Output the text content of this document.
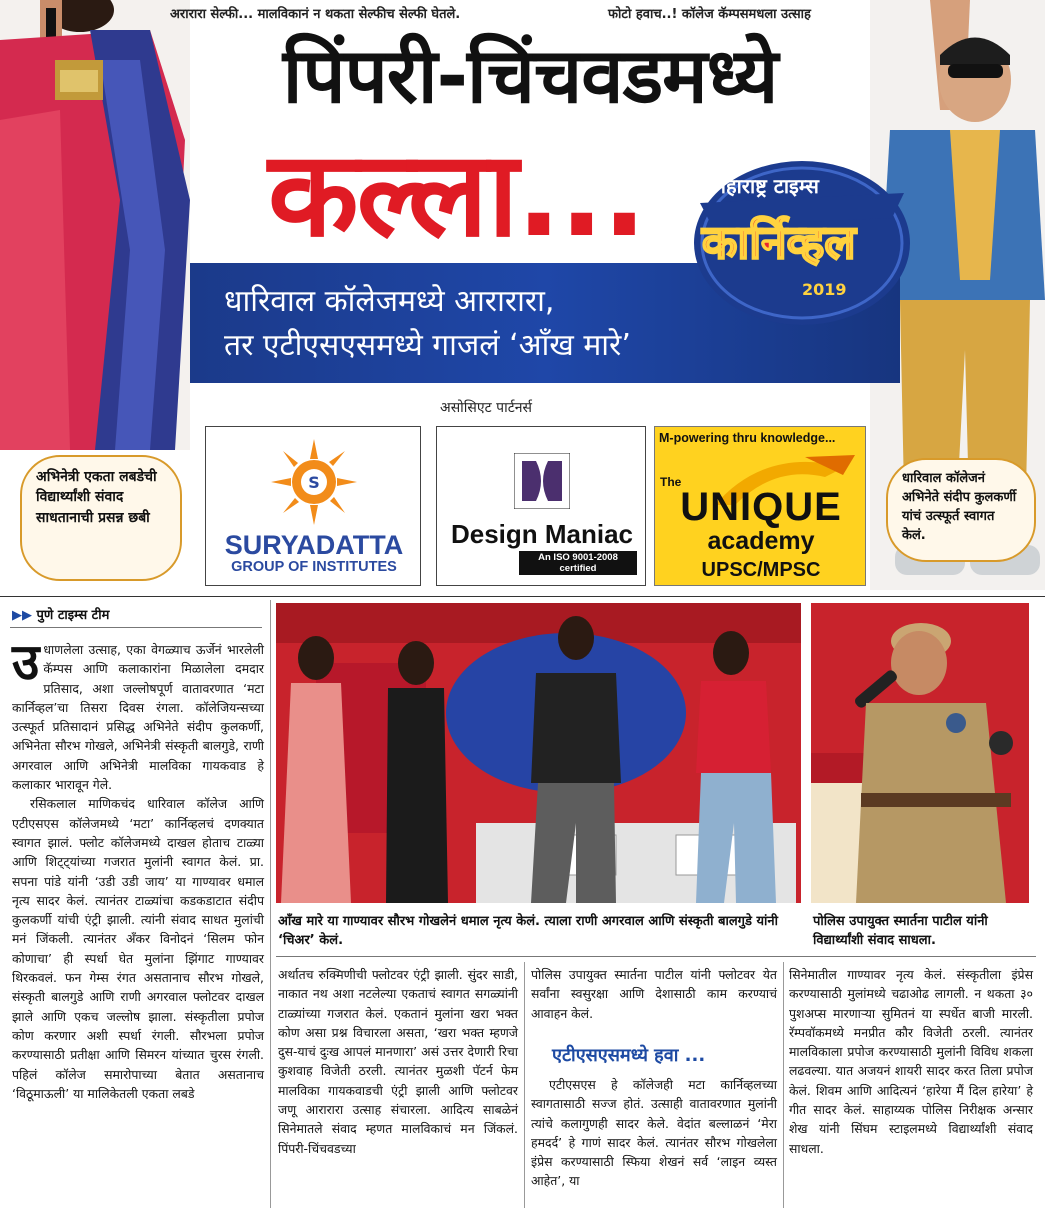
अरारारा सेल्फी... मालविकानं न थकता सेल्फीच सेल्फी घेतले.	फोटो हवाच..! कॉलेज कॅम्पसमधला उत्साह
पिंपरी-चिंचवडमध्ये
कल्ला...
धारिवाल कॉलेजमध्ये आरारारा,
तर एटीएसएसमध्ये गाजलं ‘आँख मारे’
महाराष्ट्र टाइम्स
कार्निव्हल
2019
असोसिएट पार्टनर्स
S
SURYADATTA
GROUP OF INSTITUTES
Design Maniac
An ISO 9001-2008 certified
M-powering thru knowledge...
The
UNIQUE
academy
UPSC/MPSC
अभिनेत्री एकता लबडेची विद्यार्थ्यांशी संवाद साधतानाची प्रसन्न छबी
धारिवाल कॉलेजनं अभिनेते संदीप कुलकर्णी यांचं उत्स्फूर्त स्वागत केलं.
▶▶ पुणे टाइम्स टीम

उधाणलेला उत्साह, एका वेगळ्याच ऊर्जेनं भारलेली कॅम्पस आणि कलाकारांना मिळालेला दमदार प्रतिसाद, अशा जल्लोषपूर्ण वातावरणात ‘मटा कार्निव्हल’चा तिसरा दिवस रंगला. कॉलेजियन्सच्या उत्स्फूर्त प्रतिसादानं प्रसिद्ध अभिनेते संदीप कुलकर्णी, अभिनेता सौरभ गोखले, अभिनेत्री संस्कृती बालगुडे, राणी अगरवाल आणि अभिनेत्री मालविका गायकवाड हे कलाकार भारावून गेले.

रसिकलाल माणिकचंद धारिवाल कॉलेज आणि एटीएसएस कॉलेजमध्ये ‘मटा’ कार्निव्हलचं दणक्यात स्वागत झालं. फ्लोट कॉलेजमध्ये दाखल होताच टाळ्या आणि शिट्ट्यांच्या गजरात मुलांनी स्वागत केलं. प्रा. सपना पांडे यांनी ‘उडी उडी जाय’ या गाण्यावर धमाल नृत्य सादर केलं. त्यानंतर टाळ्यांचा कडकडाटात संदीप कुलकर्णी यांची एंट्री झाली. त्यांनी संवाद साधत मुलांची मनं जिंकली. त्यानंतर अँकर विनोदनं ‘सिलम फोन कोणाचा’ ही स्पर्धा घेत मुलांना झिंगाट गाण्यावर थिरकवलं. फन गेम्स रंगत असतानाच सौरभ गोखले, संस्कृती बालगुडे आणि राणी अगरवाल फ्लोटवर दाखल झाले आणि एकच जल्लोष झाला. संस्कृतीला प्रपोज कोण करणार अशी स्पर्धा रंगली. सौरभला प्रपोज करण्यासाठी प्रतीक्षा आणि सिमरन यांच्यात चुरस रंगली. पहिलं कॉलेज समारोपाच्या बेतात असतानाच ‘विठूमाऊली’ या मालिकेतली एकता लबडे

आँख मारे या गाण्यावर सौरभ गोखलेनं धमाल नृत्य केलं. त्याला राणी अगरवाल आणि संस्कृती बालगुडे यांनी ‘चिअर’ केलं.
पोलिस उपायुक्त स्मार्तना पाटील यांनी विद्यार्थ्यांशी संवाद साधला.

अर्थातच रुक्मिणीची फ्लोटवर एंट्री झाली. सुंदर साडी, नाकात नथ अशा नटलेल्या एकताचं स्वागत सगळ्यांनी टाळ्यांच्या गजरात केलं. एकतानं मुलांना खरा भक्त कोण असा प्रश्न विचारला असता, ‘खरा भक्त म्हणजे दुस-याचं दुःख आपलं मानणारा’ असं उत्तर देणारी रिचा कुशवाह विजेती ठरली. त्यानंतर मुळशी पॅटर्न फेम मालविका गायकवाडची एंट्री झाली आणि फ्लोटवर जणू आरारारा उत्साह संचारला. आदित्य साबळेनं सिनेमातले संवाद म्हणत मालविकाचं मन जिंकलं. पिंपरी-चिंचवडच्या

पोलिस उपायुक्त स्मार्तना पाटील यांनी फ्लोटवर येत सर्वांना स्वसुरक्षा आणि देशासाठी काम करण्याचं आवाहन केलं.

एटीएसएसमध्ये हवा ...

एटीएसएस हे कॉलेजही मटा कार्निव्हलच्या स्वागतासाठी सज्ज होतं. उत्साही वातावरणात मुलांनी त्यांचे कलागुणही सादर केले. वेदांत बल्लाळनं ‘मेरा हमदर्द’ हे गाणं सादर केलं. त्यानंतर सौरभ गोखलेला इंप्रेस करण्यासाठी स्फिया शेखनं सर्व ‘लाइन व्यस्त आहेत’, या

सिनेमातील गाण्यावर नृत्य केलं. संस्कृतीला इंप्रेस करण्यासाठी मुलांमध्ये चढाओढ लागली. न थकता ३० पुशअप्स मारणाऱ्या सुमितनं या स्पर्धेत बाजी मारली. रॅम्पवॉकमध्ये मनप्रीत कौर विजेती ठरली. त्यानंतर मालविकाला प्रपोज करण्यासाठी मुलांनी विविध शकला लढवल्या. यात अजयनं शायरी सादर करत तिला प्रपोज केलं. शिवम आणि आदित्यनं ‘हारेया मैं दिल हारेया’ हे गीत सादर केलं. साहाय्यक पोलिस निरीक्षक अन्सार शेख यांनी सिंघम स्टाइलमध्ये विद्यार्थ्यांशी संवाद साधला.
